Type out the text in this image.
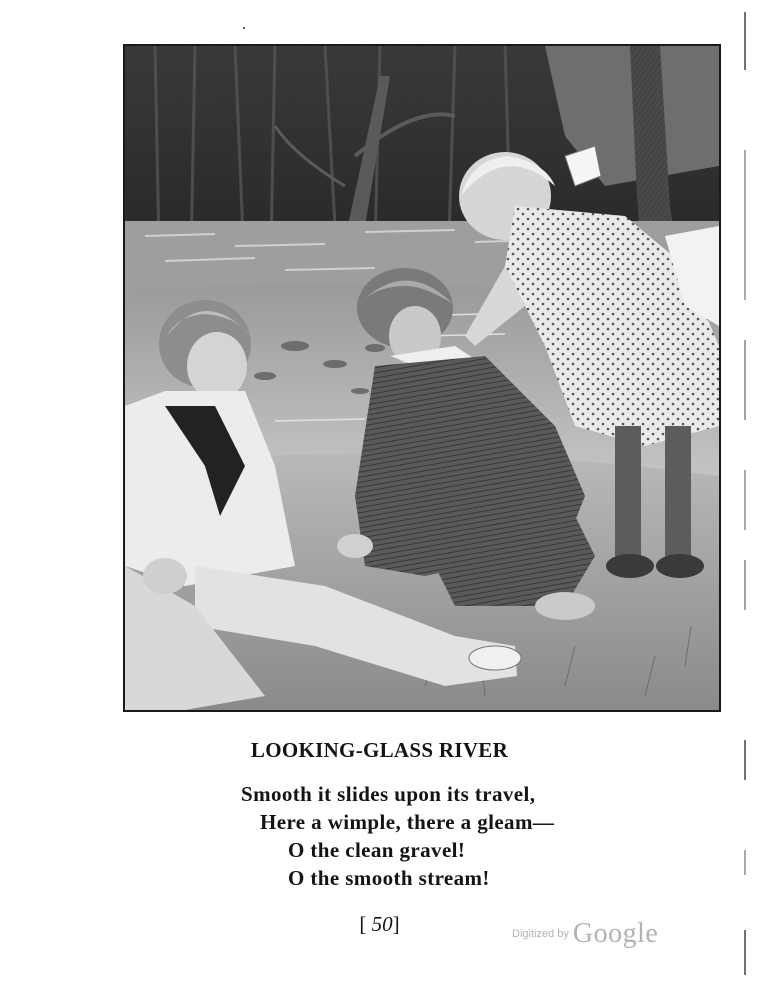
LOOKING-GLASS RIVER
Smooth it slides upon its travel,
Here a wimple, there a gleam—
O the clean gravel!
O the smooth stream!
[ 50]	Digitized by Google
